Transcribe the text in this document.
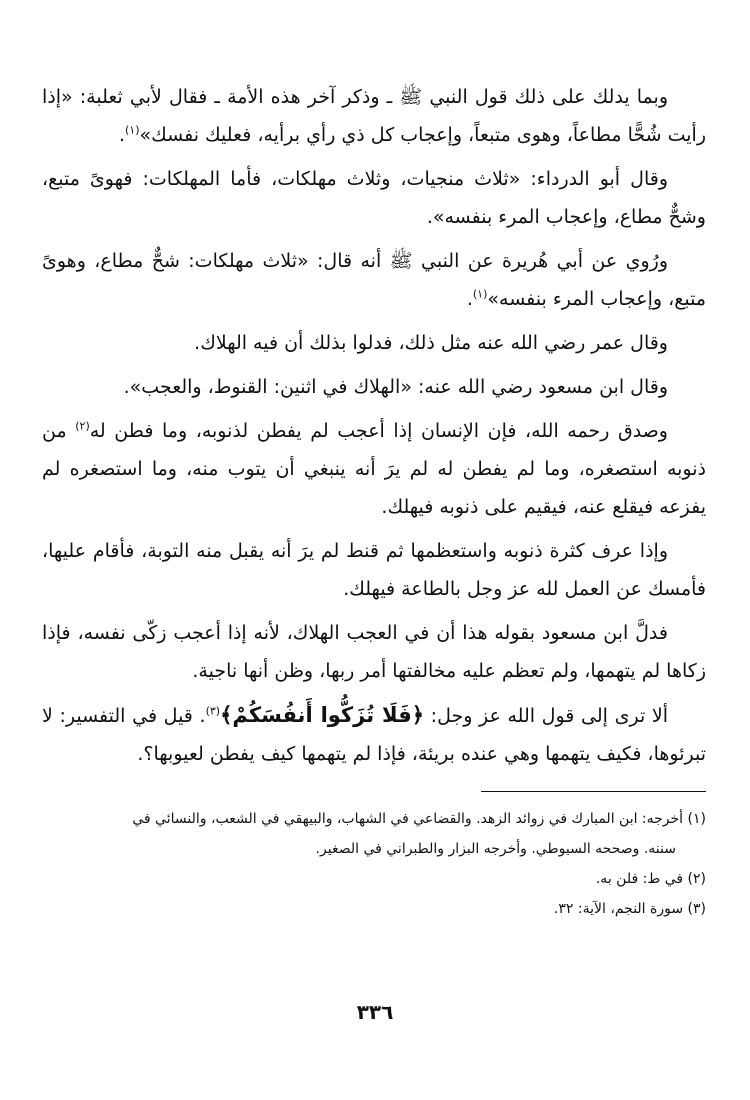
وبما يدلك على ذلك قول النبي ﷺ ـ وذكر آخر هذه الأمة ـ فقال لأبي ثعلبة: «إذا رأيت شُحًّا مطاعاً، وهوى متبعاً، وإعجاب كل ذي رأي برأيه، فعليك نفسك»$^{(١)}$.

وقال أبو الدرداء: «ثلاث منجيات، وثلاث مهلكات، فأما المهلكات: فهوىً متبع، وشحٌّ مطاع، وإعجاب المرء بنفسه».

ورُوي عن أبي هُريرة عن النبي ﷺ أنه قال: «ثلاث مهلكات: شحٌّ مطاع، وهوىً متبع، وإعجاب المرء بنفسه»$^{(١)}$.

وقال عمر رضي الله عنه مثل ذلك، فدلوا بذلك أن فيه الهلاك.

وقال ابن مسعود رضي الله عنه: «الهلاك في اثنين: القنوط، والعجب».

وصدق رحمه الله، فإن الإنسان إذا أعجب لم يفطن لذنوبه، وما فطن له$^{(٢)}$ من ذنوبه استصغره، وما لم يفطن له لم يرَ أنه ينبغي أن يتوب منه، وما استصغره لم يفزعه فيقلع عنه، فيقيم على ذنوبه فيهلك.

وإذا عرف كثرة ذنوبه واستعظمها ثم قنط لم يرَ أنه يقبل منه التوبة، فأقام عليها، فأمسك عن العمل لله عز وجل بالطاعة فيهلك.

فدلَّ ابن مسعود بقوله هذا أن في العجب الهلاك، لأنه إذا أعجب زكّى نفسه، فإذا زكاها لم يتهمها، ولم تعظم عليه مخالفتها أمر ربها، وظن أنها ناجية.

ألا ترى إلى قول الله عز وجل: ﴿فَلَا تُزَكُّوا أَنفُسَكُمْ﴾$^{(٣)}$. قيل في التفسير: لا تبرئوها، فكيف يتهمها وهي عنده بريئة، فإذا لم يتهمها كيف يفطن لعيوبها؟.

(١) أخرجه: ابن المبارك في زوائد الزهد. والقضاعي في الشهاب، والبيهقي في الشعب، والنسائي في
سننه. وصححه السيوطي. وأخرجه البزار والطبراني في الصغير.

(٢) في ط: فلن به.

(٣) سورة النجم، الآية: ٣٢.

٣٣٦
